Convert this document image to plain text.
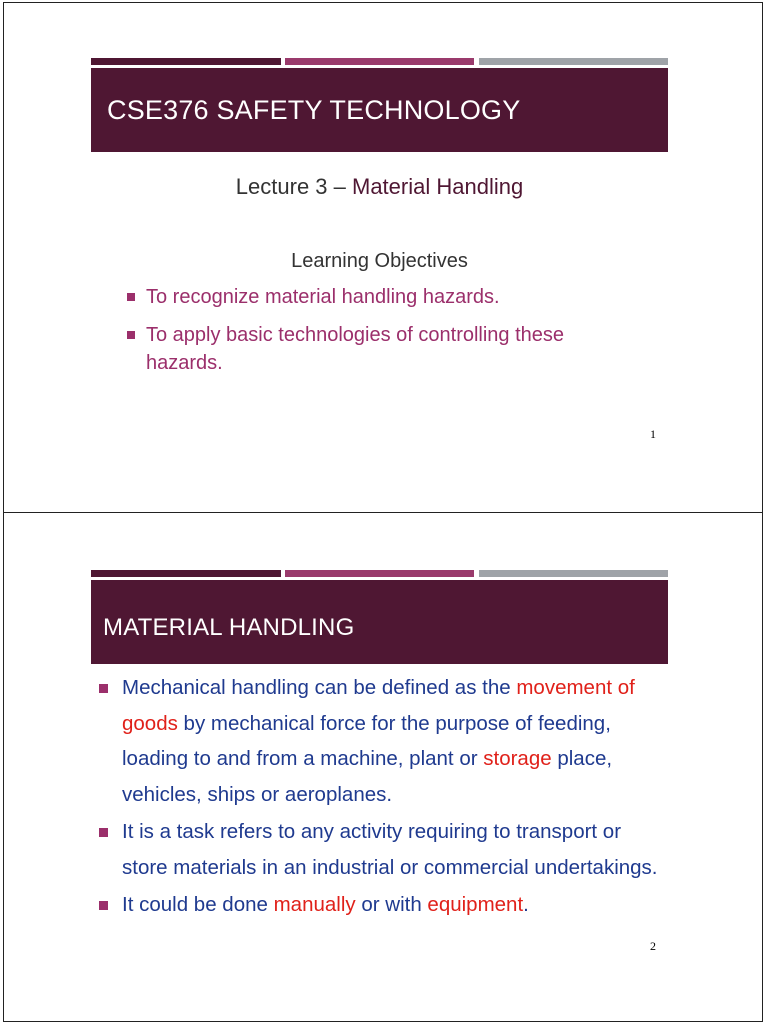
CSE376 SAFETY TECHNOLOGY
Lecture 3 – Material Handling
Learning Objectives
To recognize material handling hazards.
To apply basic technologies of controlling these hazards.
1
MATERIAL HANDLING
Mechanical handling can be defined as the movement of goods by mechanical force for the purpose of feeding, loading to and from a machine, plant or storage place, vehicles, ships or aeroplanes.
It is a task refers to any activity requiring to transport or store materials in an industrial or commercial undertakings.
It could be done manually or with equipment.
2
